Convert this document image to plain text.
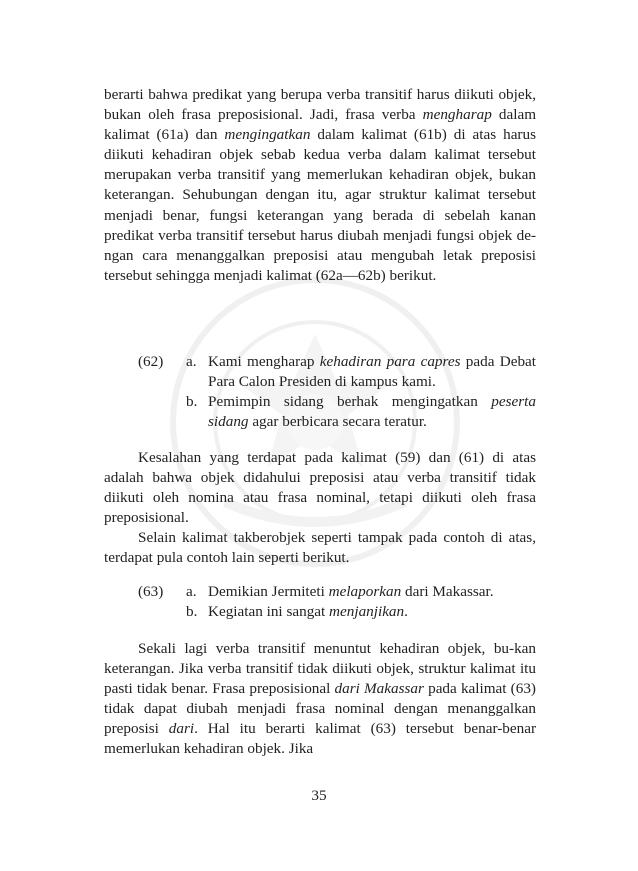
berarti bahwa predikat yang berupa verba transitif harus diikuti objek, bukan oleh frasa preposisional. Jadi, frasa verba mengharap dalam kalimat (61a) dan mengingatkan dalam kalimat (61b) di atas harus diikuti kehadiran objek sebab kedua verba dalam kalimat tersebut merupakan verba transitif yang memerlukan kehadiran objek, bukan keterangan. Sehubungan dengan itu, agar struktur kalimat tersebut menjadi benar, fungsi keterangan yang berada di sebelah kanan predikat verba transitif tersebut harus diubah menjadi fungsi objek de-ngan cara menanggalkan preposisi atau mengubah letak preposisi tersebut sehingga menjadi kalimat (62a—62b) berikut.

(62)	a. Kami mengharap kehadiran para capres pada Debat Para Calon Presiden di kampus kami.
b. Pemimpin sidang berhak mengingatkan peserta sidang agar berbicara secara teratur.

Kesalahan yang terdapat pada kalimat (59) dan (61) di atas adalah bahwa objek didahului preposisi atau verba transitif tidak diikuti oleh nomina atau frasa nominal, tetapi diikuti oleh frasa preposisional.

Selain kalimat takberobjek seperti tampak pada contoh di atas, terdapat pula contoh lain seperti berikut.

(63)	a. Demikian Jermiteti melaporkan dari Makassar.
b. Kegiatan ini sangat menjanjikan.

Sekali lagi verba transitif menuntut kehadiran objek, bu-kan keterangan. Jika verba transitif tidak diikuti objek, struktur kalimat itu pasti tidak benar. Frasa preposisional dari Makassar pada kalimat (63) tidak dapat diubah menjadi frasa nominal dengan menanggalkan preposisi dari. Hal itu berarti kalimat (63) tersebut benar-benar memerlukan kehadiran objek. Jika

35
